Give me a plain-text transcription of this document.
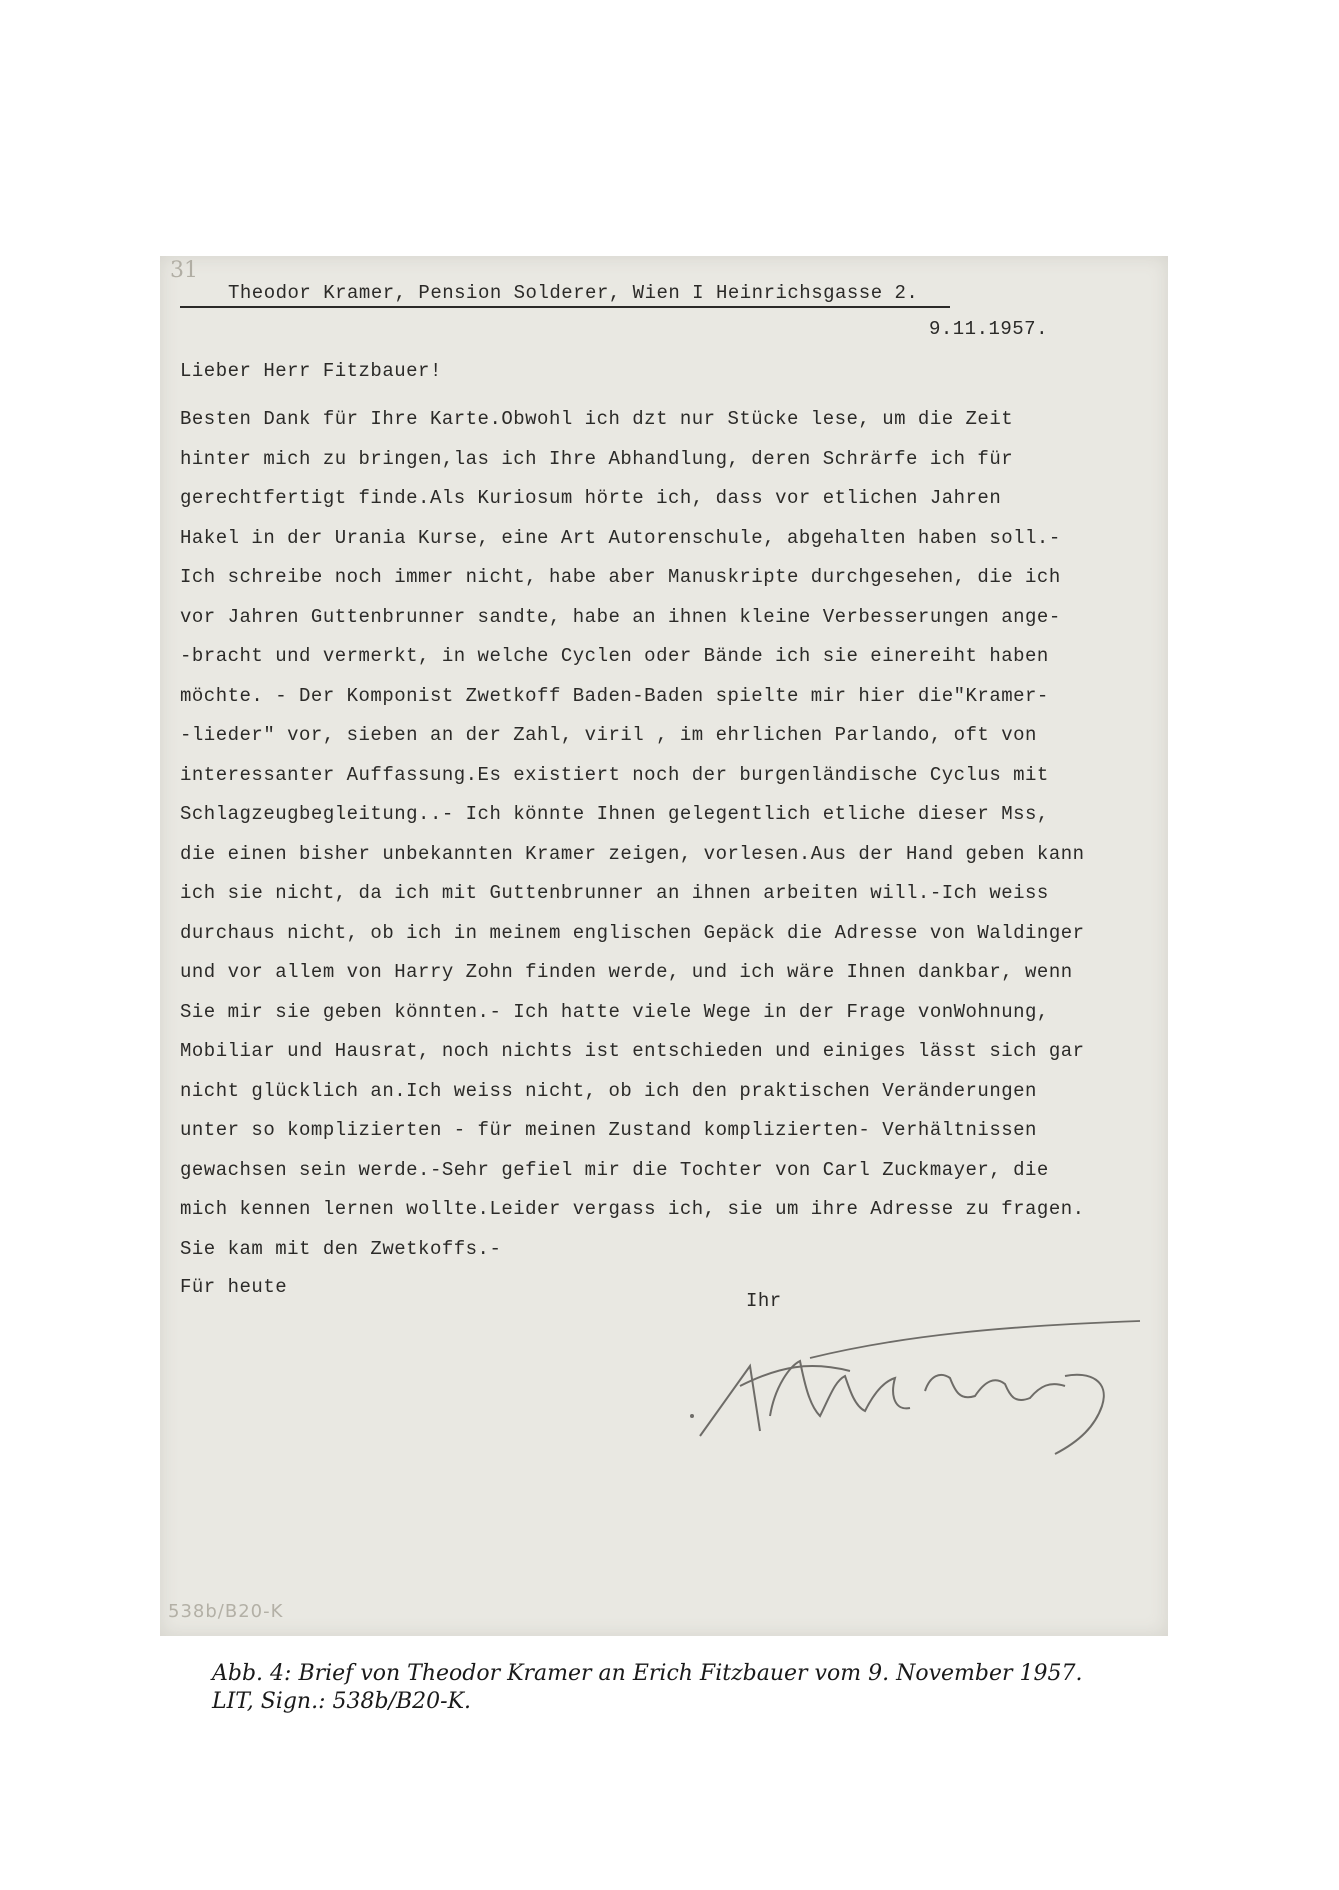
31
Theodor Kramer, Pension Solderer, Wien I Heinrichsgasse 2.
9.11.1957.
Lieber Herr Fitzbauer!
Besten Dank für Ihre Karte.Obwohl ich dzt nur Stücke lese, um die Zeit
hinter mich zu bringen,las ich Ihre Abhandlung, deren Schrärfe ich für
gerechtfertigt finde.Als Kuriosum hörte ich, dass vor etlichen Jahren
Hakel in der Urania Kurse, eine Art Autorenschule, abgehalten haben soll.-
Ich schreibe noch immer nicht, habe aber Manuskripte durchgesehen, die ich
vor Jahren Guttenbrunner sandte, habe an ihnen kleine Verbesserungen ange-
-bracht und vermerkt, in welche Cyclen oder Bände ich sie einereiht haben
möchte. - Der Komponist Zwetkoff Baden-Baden spielte mir hier die"Kramer-
-lieder" vor, sieben an der Zahl, viril , im ehrlichen Parlando, oft von
interessanter Auffassung.Es existiert noch der burgenländische Cyclus mit
Schlagzeugbegleitung..- Ich könnte Ihnen gelegentlich etliche dieser Mss,
die einen bisher unbekannten Kramer zeigen, vorlesen.Aus der Hand geben kann
ich sie nicht, da ich mit Guttenbrunner an ihnen arbeiten will.-Ich weiss
durchaus nicht, ob ich in meinem englischen Gepäck die Adresse von Waldinger
und vor allem von Harry Zohn finden werde, und ich wäre Ihnen dankbar, wenn
Sie mir sie geben könnten.- Ich hatte viele Wege in der Frage vonWohnung,
Mobiliar und Hausrat, noch nichts ist entschieden und einiges lässt sich gar
nicht glücklich an.Ich weiss nicht, ob ich den praktischen Veränderungen
unter so komplizierten - für meinen Zustand komplizierten- Verhältnissen
gewachsen sein werde.-Sehr gefiel mir die Tochter von Carl Zuckmayer, die
mich kennen lernen wollte.Leider vergass ich, sie um ihre Adresse zu fragen.
Sie kam mit den Zwetkoffs.-
Für heute
Ihr
538b/B20-K
Abb. 4: Brief von Theodor Kramer an Erich Fitzbauer vom 9. November 1957.
LIT, Sign.: 538b/B20-K.
